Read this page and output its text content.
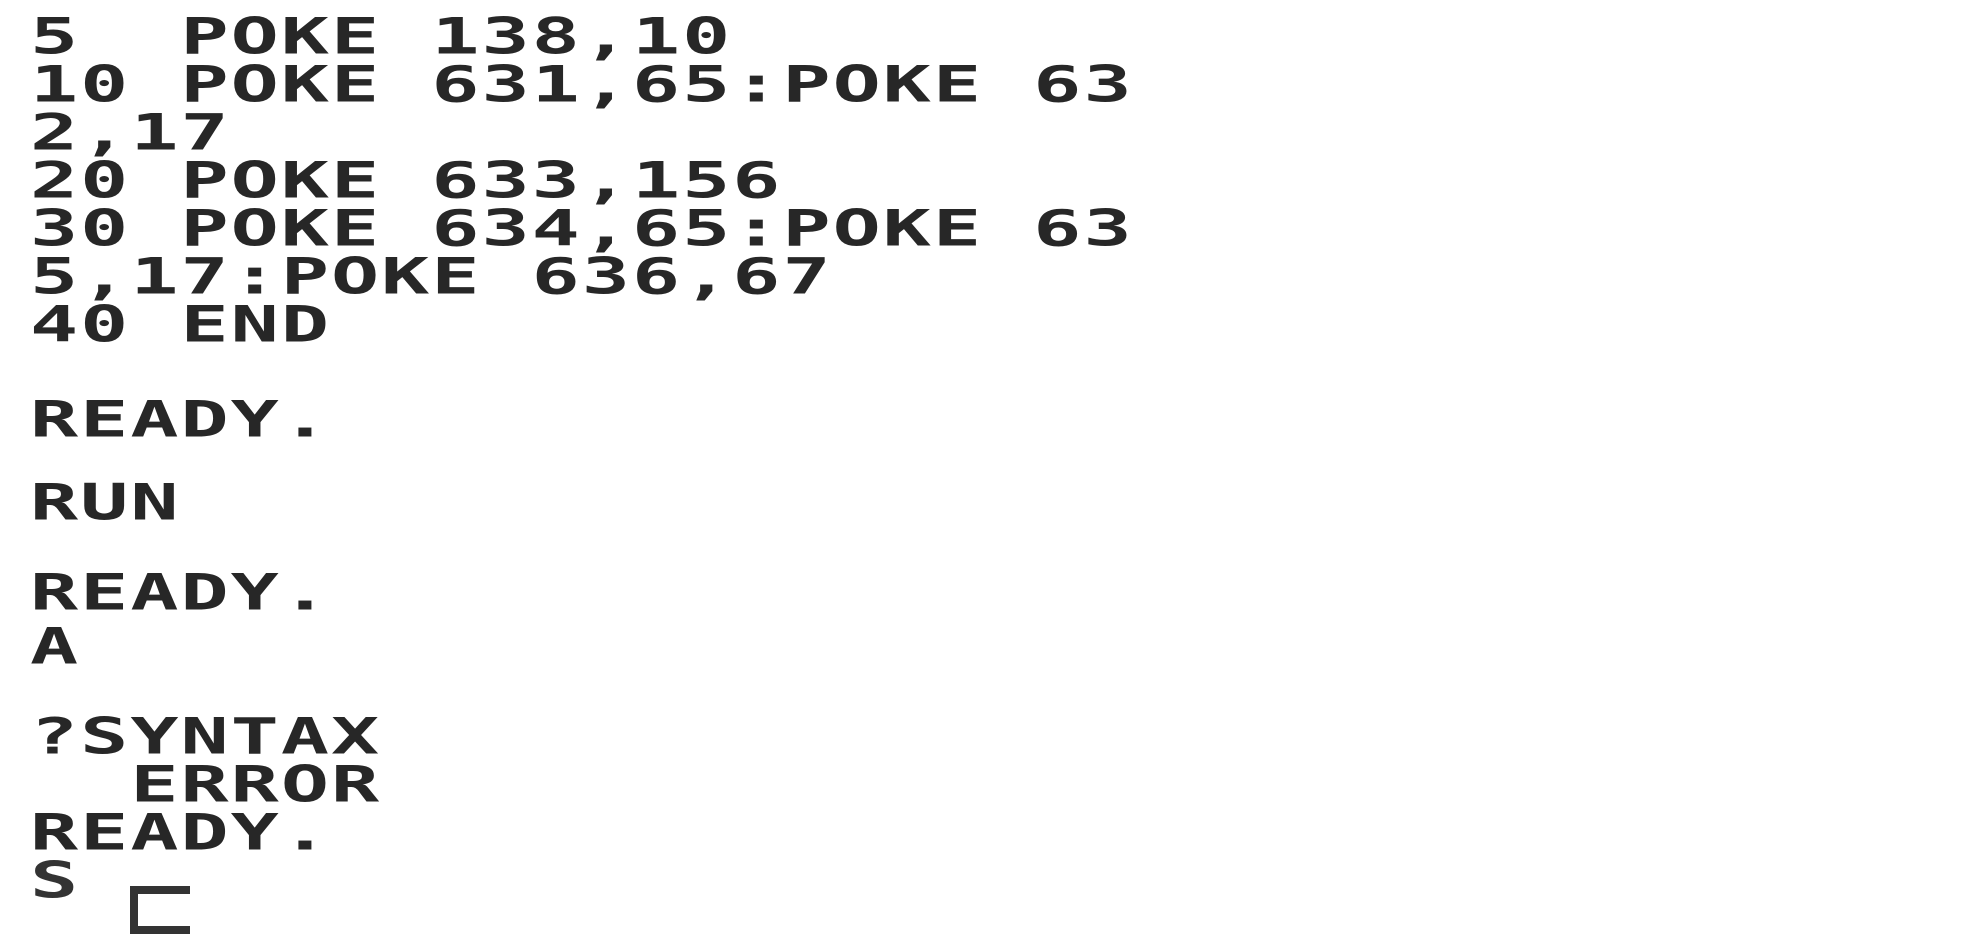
5  POKE 138,10
10 POKE 631,65:POKE 63
2,17
20 POKE 633,156
30 POKE 634,65:POKE 63
5,17:POKE 636,67
40 END
READY.
RUN
READY.
A
?SYNTAX
ERROR
READY.
S
